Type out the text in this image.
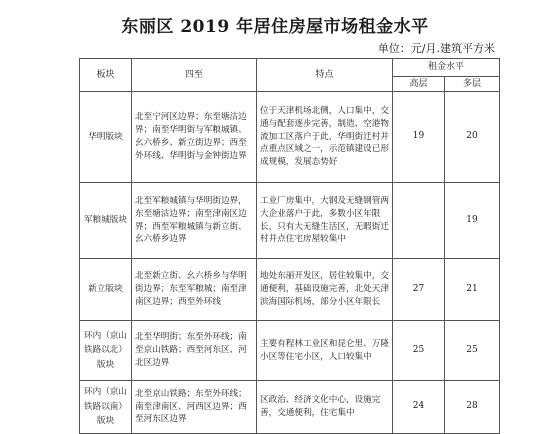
东丽区 2019 年居住房屋市场租金水平
单位：元/月.建筑平方米
板块	四至	特点	租金水平	
			高层	多层
华明版块	北至宁河区边界；东至塘沽边界；南至华明街与军粮城镇、幺六桥乡、新立街边界；西至外环线、华明街与金钟街边界	位于天津机场北侧，人口集中，交通与配套逐步完善，制造、空港物流加工区落户于此，华明街迁村并点重点区域之一，示范镇建设已形成规模，发展态势好	19	20
军粮城版块	北至军粮城镇与华明街边界，东至塘沽边界；南至津南区边界；西至军粮城镇与新立街、幺六桥乡边界	工业厂房集中，大钢及无缝钢管两大企业落户于此，多数小区年限长，只有大无缝生活区，无暇街迁村并点住宅房屋较集中		19
新立版块	北至新立街、幺六桥乡与华明街边界；东至军粮城；南至津南区边界；西至外环线	地处东丽开发区，居住较集中，交通便利，基础设施完善，北处天津滨海国际机场，部分小区年限长	27	21
环内（京山铁路以北）版块	北至华明街；东至外环线；南至京山铁路；西至河东区、河北区边界	主要有程林工业区和昆仑里、万隆小区等住宅小区，人口较集中	25	25
环内（京山铁路以南）版块	北至京山铁路；东至外环线；南至津南区、河西区边界；西至河东区边界	区政治、经济文化中心，设施完善，交通便利，住宅集中	24	28
